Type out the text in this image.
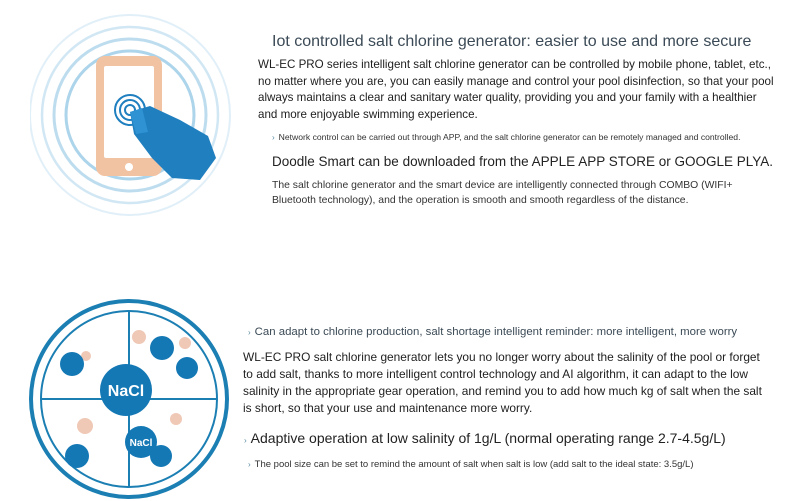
Iot controlled salt chlorine generator: easier to use and more secure
WL-EC PRO series intelligent salt chlorine generator can be controlled by mobile phone, tablet, etc., no matter where you are, you can easily manage and control your pool disinfection, so that your pool always maintains a clear and sanitary water quality, providing you and your family with a healthier and more enjoyable swimming experience.
› Network control can be carried out through APP, and the salt chlorine generator can be remotely managed and controlled.
Doodle Smart can be downloaded from the APPLE APP STORE or GOOGLE PLYA.
The salt chlorine generator and the smart device are intelligently connected through COMBO (WIFI+ Bluetooth technology), and the operation is smooth and smooth regardless of the distance.
NaCl
NaCl
› Can adapt to chlorine production, salt shortage intelligent reminder: more intelligent, more worry
WL-EC PRO salt chlorine generator lets you no longer worry about the salinity of the pool or forget to add salt, thanks to more intelligent control technology and AI algorithm, it can adapt to the low salinity in the appropriate gear operation, and remind you to add how much kg of salt when the salt is short, so that your use and maintenance more worry.
› Adaptive operation at low salinity of 1g/L (normal operating range 2.7-4.5g/L)
› The pool size can be set to remind the amount of salt when salt is low (add salt to the ideal state: 3.5g/L)
